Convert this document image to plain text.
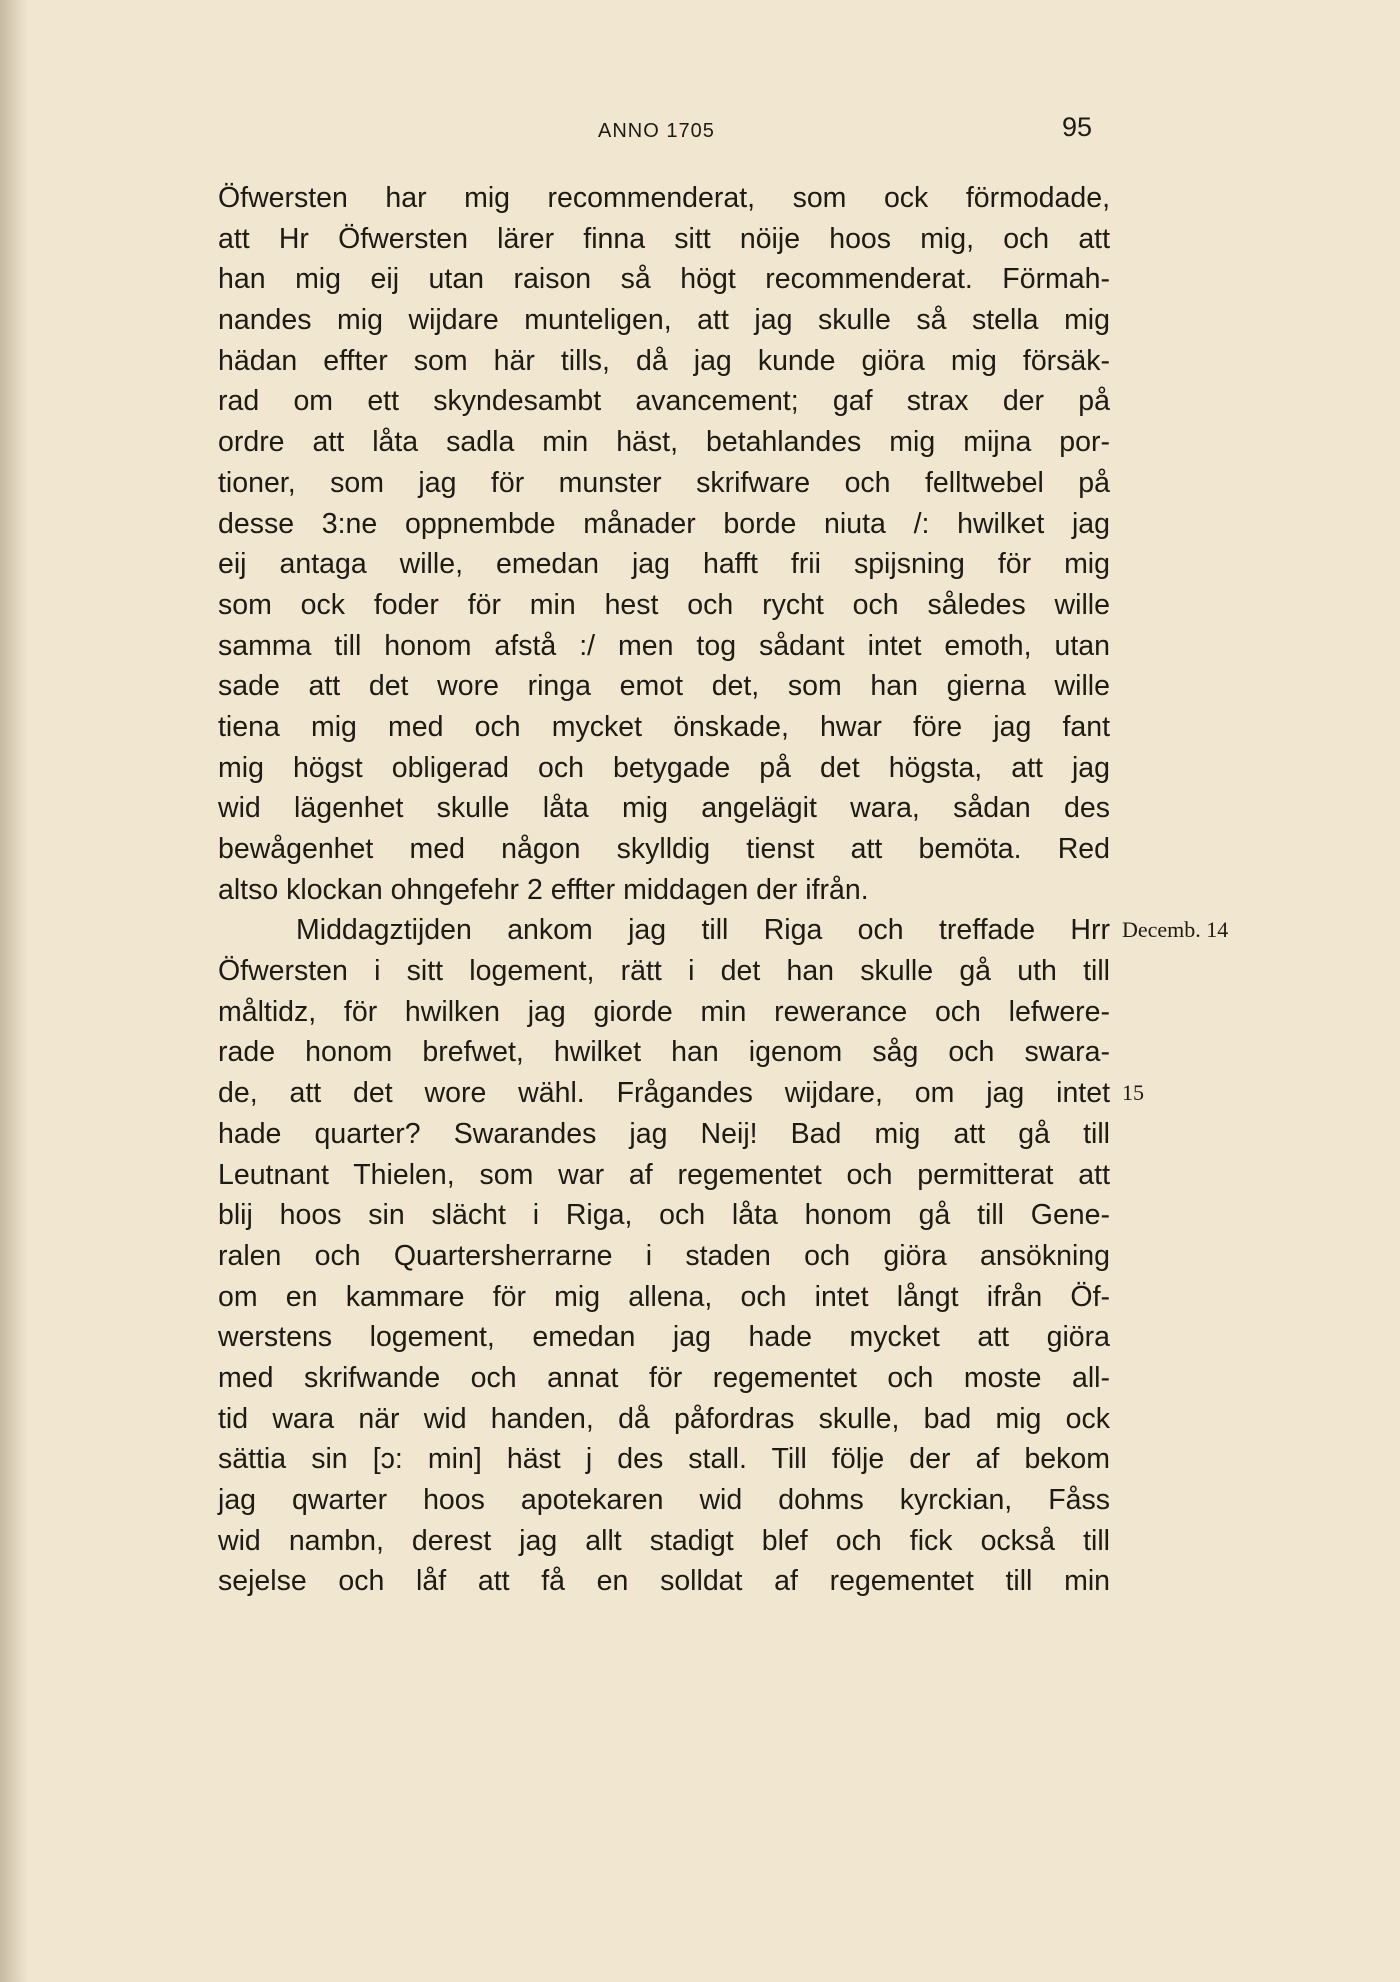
ANNO 1705	95
Öfwersten har mig recommenderat, som ock förmodade,
att Hr Öfwersten lärer finna sitt nöije hoos mig, och att
han mig eij utan raison så högt recommenderat. Förmah-
nandes mig wijdare munteligen, att jag skulle så stella mig
hädan effter som här tills, då jag kunde giöra mig försäk-
rad om ett skyndesambt avancement; gaf strax der på
ordre att låta sadla min häst, betahlandes mig mijna por-
tioner, som jag för munster skrifware och felltwebel på
desse 3:ne oppnembde månader borde niuta /: hwilket jag
eij antaga wille, emedan jag hafft frii spijsning för mig
som ock foder för min hest och rycht och således wille
samma till honom afstå :/ men tog sådant intet emoth, utan
sade att det wore ringa emot det, som han gierna wille
tiena mig med och mycket önskade, hwar före jag fant
mig högst obligerad och betygade på det högsta, att jag
wid lägenhet skulle låta mig angelägit wara, sådan des
bewågenhet med någon skylldig tienst att bemöta. Red
altso klockan ohngefehr 2 effter middagen der ifrån.
Middagztijden ankom jag till Riga och treffade Hrr Decemb. 14
Öfwersten i sitt logement, rätt i det han skulle gå uth till
måltidz, för hwilken jag giorde min rewerance och lefwere-
rade honom brefwet, hwilket han igenom såg och swara-
de, att det wore wähl. Frågandes wijdare, om jag intet 15
hade quarter? Swarandes jag Neij! Bad mig att gå till
Leutnant Thielen, som war af regementet och permitterat att
blij hoos sin slächt i Riga, och låta honom gå till Gene-
ralen och Quartersherrarne i staden och giöra ansökning
om en kammare för mig allena, och intet långt ifrån Öf-
werstens logement, emedan jag hade mycket att giöra
med skrifwande och annat för regementet och moste all-
tid wara när wid handen, då påfordras skulle, bad mig ock
sättia sin [ɔ: min] häst j des stall. Till följe der af bekom
jag qwarter hoos apotekaren wid dohms kyrckian, Fåss
wid nambn, derest jag allt stadigt blef och fick också till
sejelse och låf att få en solldat af regementet till min
